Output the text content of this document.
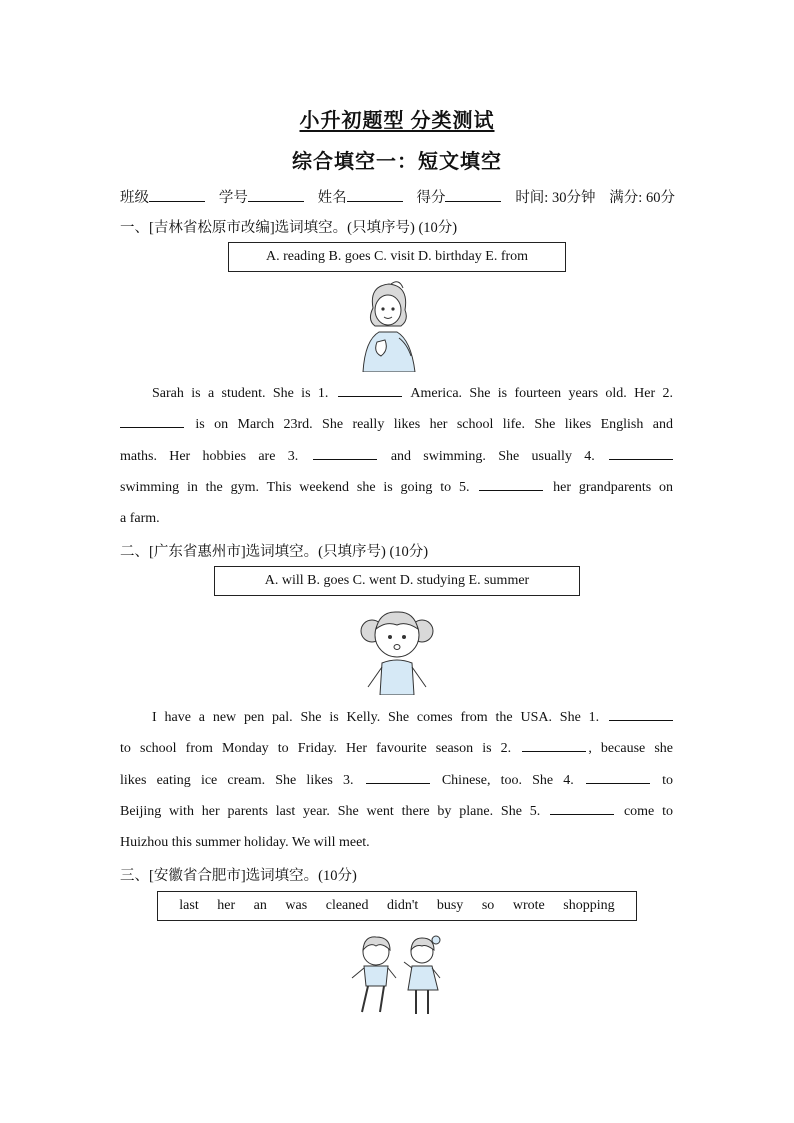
小升初题型 分类测试
综合填空一：短文填空
班级	学号	姓名	得分	时间: 30分钟 满分: 60分
一、[吉林省松原市改编]选词填空。(只填序号) (10分)
A. reading B. goes C. visit D. birthday E. from
Sarah is a student. She is 1.	America. She is fourteen years old. Her 2.
is on March 23rd. She really likes her school life. She likes English and
maths. Her hobbies are 3.	and swimming. She usually 4.
swimming in the gym. This weekend she is going to 5.	her grandparents on
a farm.
二、[广东省惠州市]选词填空。(只填序号) (10分)
A. will B. goes C. went D. studying E. summer
I have a new pen pal. She is Kelly. She comes from the USA. She 1.
to school from Monday to Friday. Her favourite season is 2.	, because she
likes eating ice cream. She likes 3.	Chinese, too. She 4.	to
Beijing with her parents last year. She went there by plane. She 5.	come to
Huizhou this summer holiday. We will meet.
三、[安徽省合肥市]选词填空。(10分)
last her an was cleaned didn't busy so wrote shopping
